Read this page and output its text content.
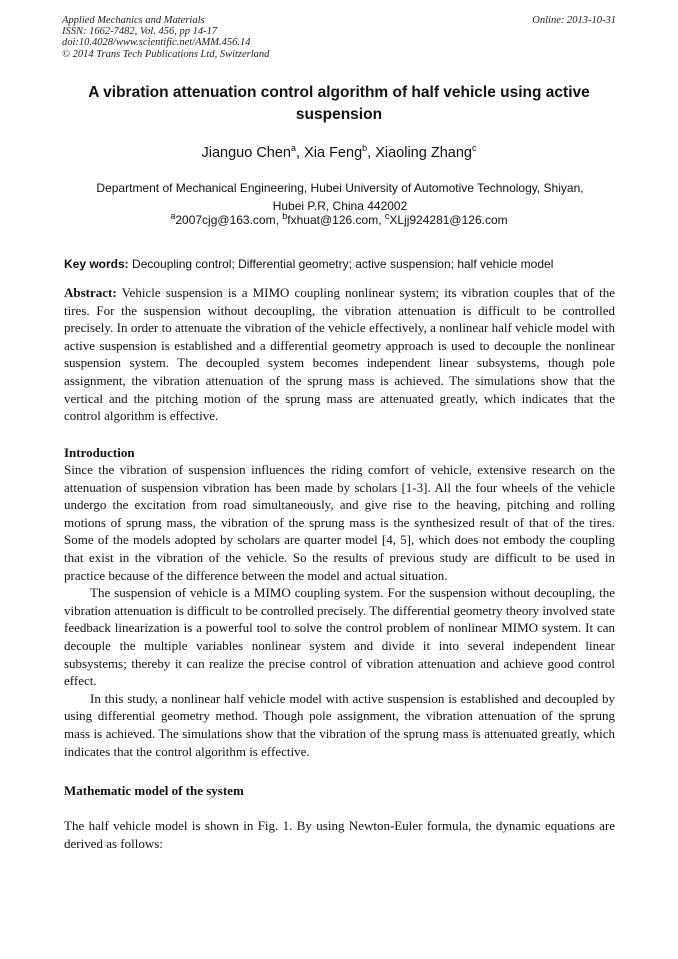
Applied Mechanics and Materials
ISSN: 1662-7482, Vol. 456, pp 14-17
doi:10.4028/www.scientific.net/AMM.456.14
© 2014 Trans Tech Publications Ltd, Switzerland
Online: 2013-10-31
A vibration attenuation control algorithm of half vehicle using active suspension
Jianguo Chen$^a$, Xia Feng$^b$, Xiaoling Zhang$^c$
Department of Mechanical Engineering, Hubei University of Automotive Technology, Shiyan,
Hubei P.R, China 442002
$^a$2007cjg@163.com, $^b$fxhuat@126.com, $^c$XLjj924281@126.com
Key words: Decoupling control; Differential geometry; active suspension; half vehicle model

Abstract: Vehicle suspension is a MIMO coupling nonlinear system; its vibration couples that of the tires. For the suspension without decoupling, the vibration attenuation is difficult to be controlled precisely. In order to attenuate the vibration of the vehicle effectively, a nonlinear half vehicle model with active suspension is established and a differential geometry approach is used to decouple the nonlinear suspension system. The decoupled system becomes independent linear subsystems, though pole assignment, the vibration attenuation of the sprung mass is achieved. The simulations show that the vertical and the pitching motion of the sprung mass are attenuated greatly, which indicates that the control algorithm is effective.

Introduction

Since the vibration of suspension influences the riding comfort of vehicle, extensive research on the attenuation of suspension vibration has been made by scholars [1-3]. All the four wheels of the vehicle undergo the excitation from road simultaneously, and give rise to the heaving, pitching and rolling motions of sprung mass, the vibration of the sprung mass is the synthesized result of that of the tires. Some of the models adopted by scholars are quarter model [4, 5], which does not embody the coupling that exist in the vibration of the vehicle. So the results of previous study are difficult to be used in practice because of the difference between the model and actual situation.

The suspension of vehicle is a MIMO coupling system. For the suspension without decoupling, the vibration attenuation is difficult to be controlled precisely. The differential geometry theory involved state feedback linearization is a powerful tool to solve the control problem of nonlinear MIMO system. It can decouple the multiple variables nonlinear system and divide it into several independent linear subsystems; thereby it can realize the precise control of vibration attenuation and achieve good control effect.

In this study, a nonlinear half vehicle model with active suspension is established and decoupled by using differential geometry method. Though pole assignment, the vibration attenuation of the sprung mass is achieved. The simulations show that the vibration of the sprung mass is attenuated greatly, which indicates that the control algorithm is effective.

Mathematic model of the system

The half vehicle model is shown in Fig. 1. By using Newton-Euler formula, the dynamic equations are derived as follows:
